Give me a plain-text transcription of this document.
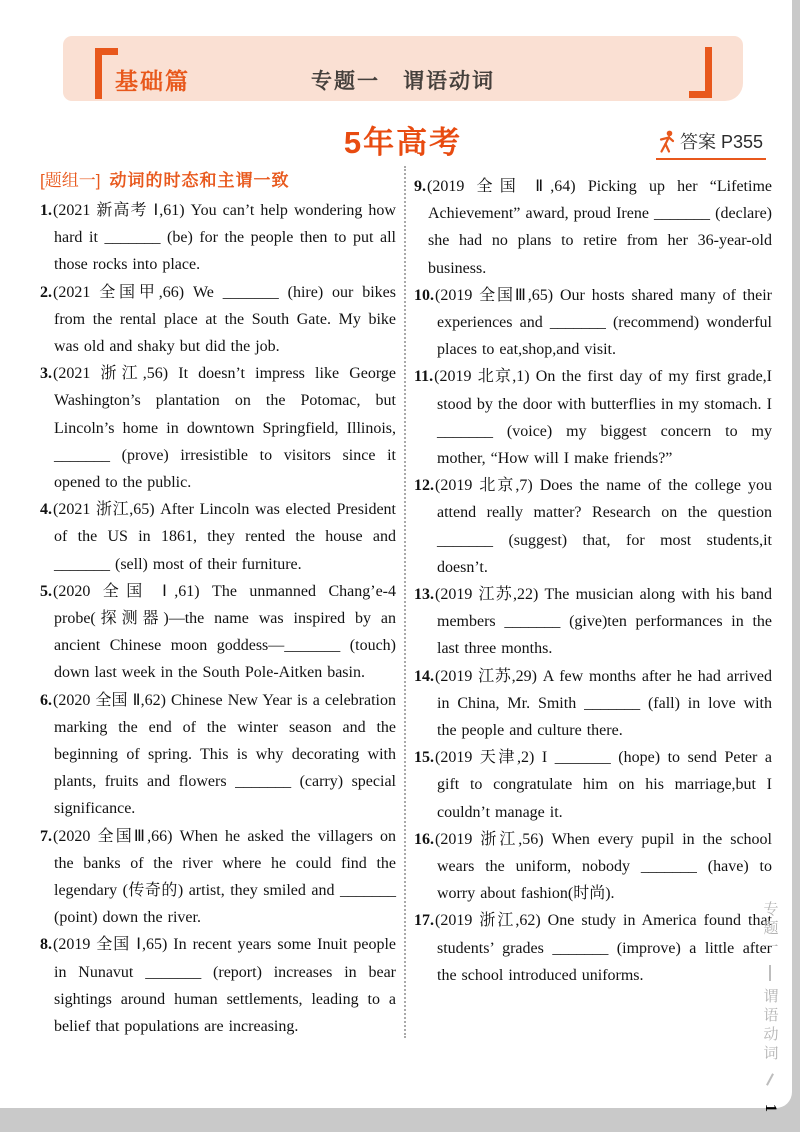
基础篇	专题一　谓语动词
5年高考	答案 P355

[题组一] 动词的时态和主谓一致

1.(2021 新高考 Ⅰ,61) You can’t help wondering how hard it _______ (be) for the people then to put all those rocks into place.

2.(2021 全国甲,66) We _______ (hire) our bikes from the rental place at the South Gate. My bike was old and shaky but did the job.

3.(2021 浙江,56) It doesn’t impress like George Washington’s plantation on the Potomac, but Lincoln’s home in downtown Springfield, Illinois, _______ (prove) irresistible to visitors since it opened to the public.

4.(2021 浙江,65) After Lincoln was elected President of the US in 1861, they rented the house and _______ (sell) most of their furniture.

5.(2020 全国 Ⅰ,61) The unmanned Chang’e-4 probe(探测器)—the name was inspired by an ancient Chinese moon goddess—_______ (touch) down last week in the South Pole-Aitken basin.

6.(2020 全国 Ⅱ,62) Chinese New Year is a celebration marking the end of the winter season and the beginning of spring. This is why decorating with plants, fruits and flowers _______ (carry) special significance.

7.(2020 全国Ⅲ,66) When he asked the villagers on the banks of the river where he could find the legendary (传奇的) artist, they smiled and _______ (point) down the river.

8.(2019 全国 Ⅰ,65) In recent years some Inuit people in Nunavut _______ (report) increases in bear sightings around human settlements, leading to a belief that populations are increasing.

9.(2019 全国 Ⅱ,64) Picking up her “Lifetime Achievement” award, proud Irene _______ (declare) she had no plans to retire from her 36-year-old business.

10.(2019 全国Ⅲ,65) Our hosts shared many of their experiences and _______ (recommend) wonderful places to eat,shop,and visit.

11.(2019 北京,1) On the first day of my first grade,I stood by the door with butterflies in my stomach. I _______ (voice) my biggest concern to my mother, “How will I make friends?”

12.(2019 北京,7) Does the name of the college you attend really matter? Research on the question _______ (suggest) that, for most students,it doesn’t.

13.(2019 江苏,22) The musician along with his band members _______ (give)ten performances in the last three months.

14.(2019 江苏,29) A few months after he had arrived in China, Mr. Smith _______ (fall) in love with the people and culture there.

15.(2019 天津,2) I _______ (hope) to send Peter a gift to congratulate him on his marriage,but I couldn’t manage it.

16.(2019 浙江,56) When every pupil in the school wears the uniform, nobody _______ (have) to worry about fashion(时尚).

17.(2019 浙江,62) One study in America found that students’ grades _______ (improve) a little after the school introduced uniforms.

专题一
谓语动词
1
